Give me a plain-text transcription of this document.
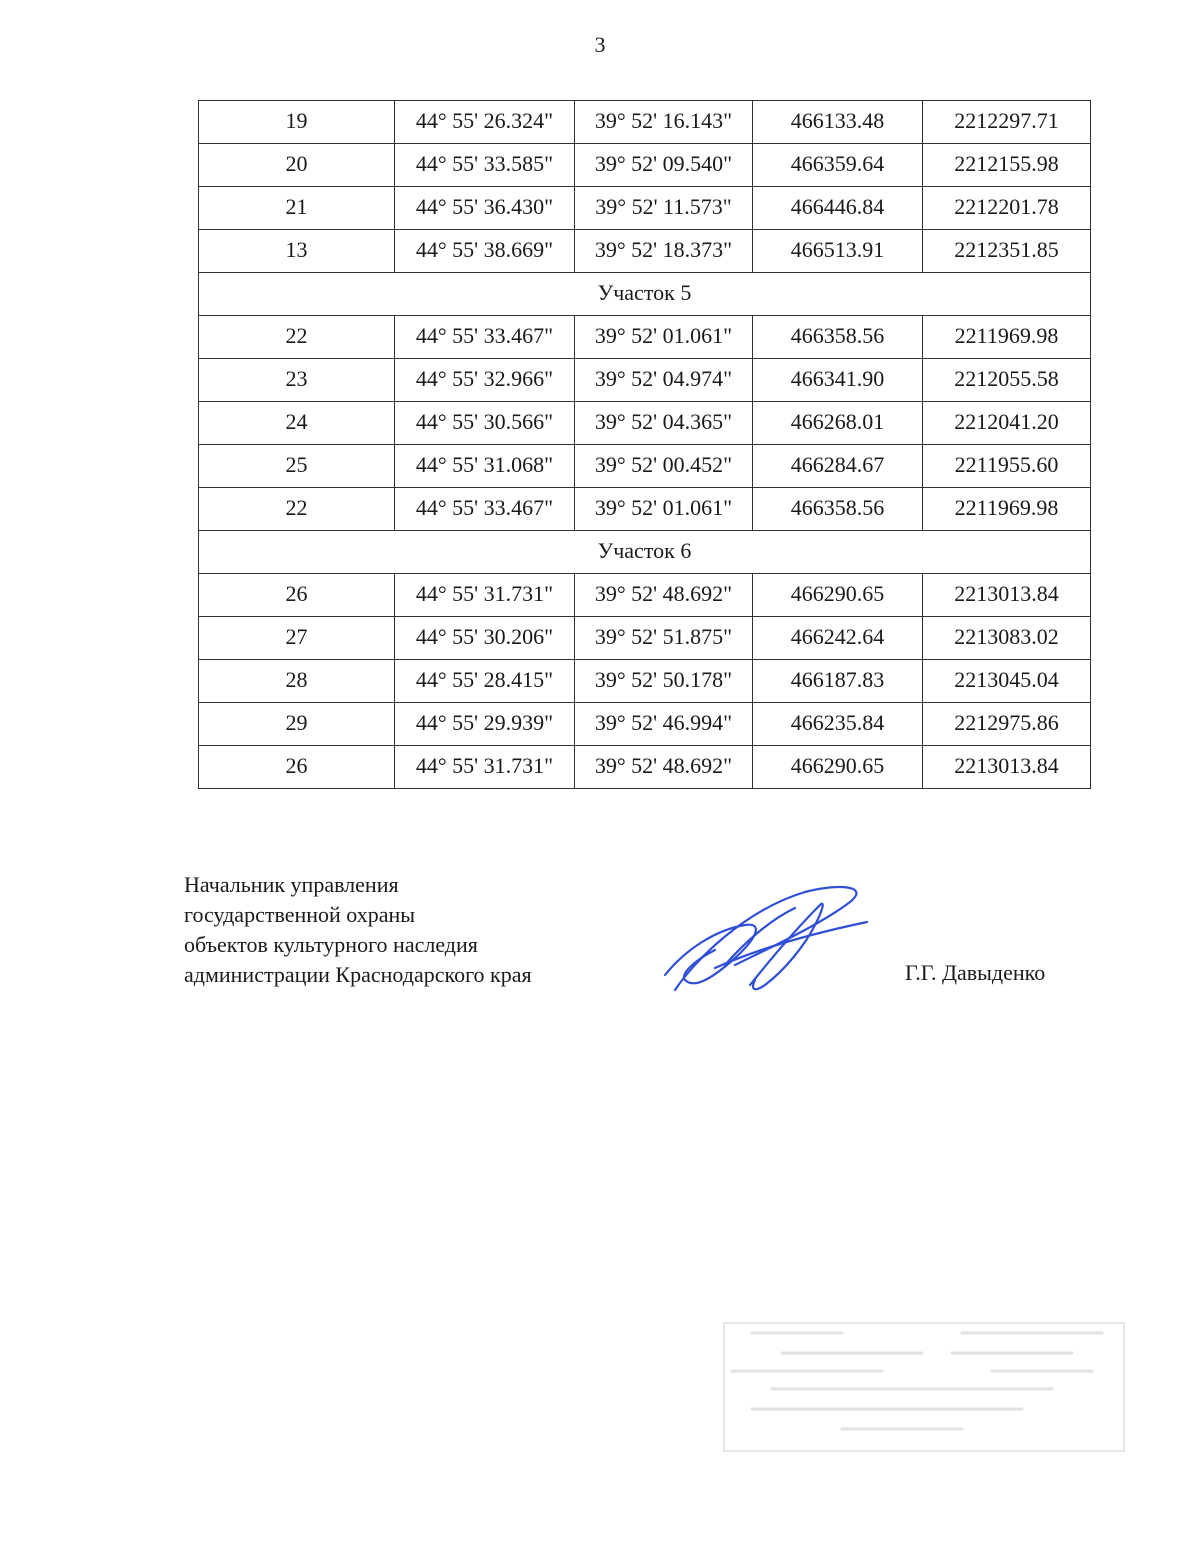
3
19	44° 55' 26.324"	39° 52' 16.143"	466133.48	2212297.71
20	44° 55' 33.585"	39° 52' 09.540"	466359.64	2212155.98
21	44° 55' 36.430"	39° 52' 11.573"	466446.84	2212201.78
13	44° 55' 38.669"	39° 52' 18.373"	466513.91	2212351.85
Участок 5				
22	44° 55' 33.467"	39° 52' 01.061"	466358.56	2211969.98
23	44° 55' 32.966"	39° 52' 04.974"	466341.90	2212055.58
24	44° 55' 30.566"	39° 52' 04.365"	466268.01	2212041.20
25	44° 55' 31.068"	39° 52' 00.452"	466284.67	2211955.60
22	44° 55' 33.467"	39° 52' 01.061"	466358.56	2211969.98
Участок 6				
26	44° 55' 31.731"	39° 52' 48.692"	466290.65	2213013.84
27	44° 55' 30.206"	39° 52' 51.875"	466242.64	2213083.02
28	44° 55' 28.415"	39° 52' 50.178"	466187.83	2213045.04
29	44° 55' 29.939"	39° 52' 46.994"	466235.84	2212975.86
26	44° 55' 31.731"	39° 52' 48.692"	466290.65	2213013.84
Начальник управления
государственной охраны
объектов культурного наследия
администрации Краснодарского края	Г.Г. Давыденко
